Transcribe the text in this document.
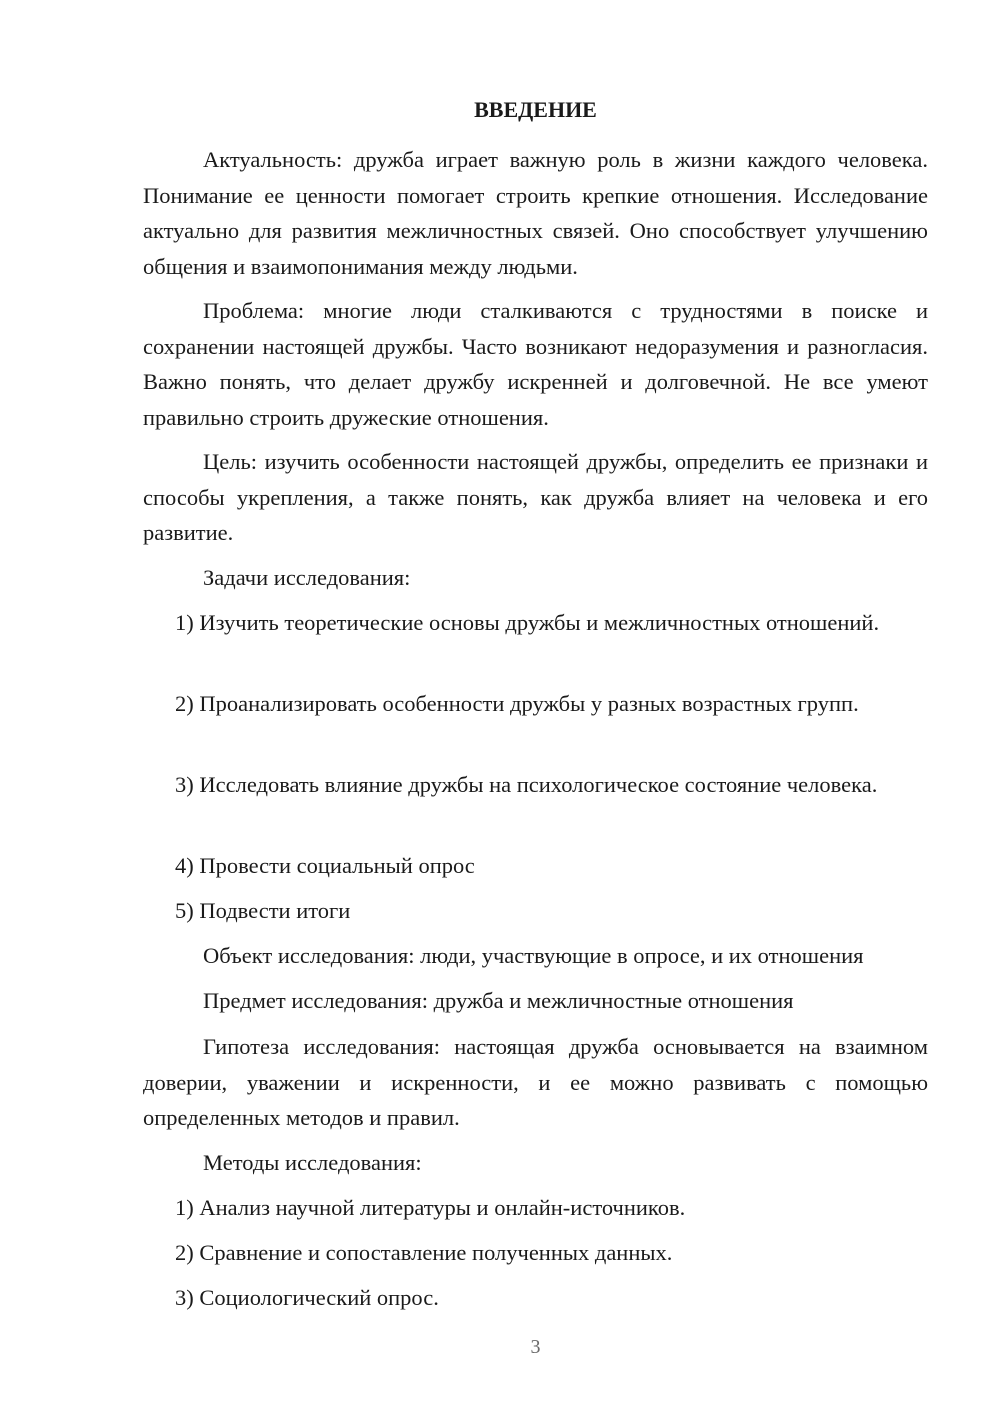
ВВЕДЕНИЕ

Актуальность: дружба играет важную роль в жизни каждого человека. Понимание ее ценности помогает строить крепкие отношения. Исследование актуально для развития межличностных связей. Оно способствует улучшению общения и взаимопонимания между людьми.

Проблема: многие люди сталкиваются с трудностями в поиске и сохранении настоящей дружбы. Часто возникают недоразумения и разногласия. Важно понять, что делает дружбу искренней и долговечной. Не все умеют правильно строить дружеские отношения.

Цель: изучить особенности настоящей дружбы, определить ее признаки и способы укрепления, а также понять, как дружба влияет на человека и его развитие.

Задачи исследования:

1) Изучить теоретические основы дружбы и межличностных отношений.

2) Проанализировать особенности дружбы у разных возрастных групп.

3) Исследовать влияние дружбы на психологическое состояние человека.

4) Провести социальный опрос

5) Подвести итоги

Объект исследования: люди, участвующие в опросе, и их отношения

Предмет исследования: дружба и межличностные отношения

Гипотеза исследования: настоящая дружба основывается на взаимном доверии, уважении и искренности, и ее можно развивать с помощью определенных методов и правил.

Методы исследования:

1) Анализ научной литературы и онлайн-источников.

2) Сравнение и сопоставление полученных данных.

3) Социологический опрос.

3
